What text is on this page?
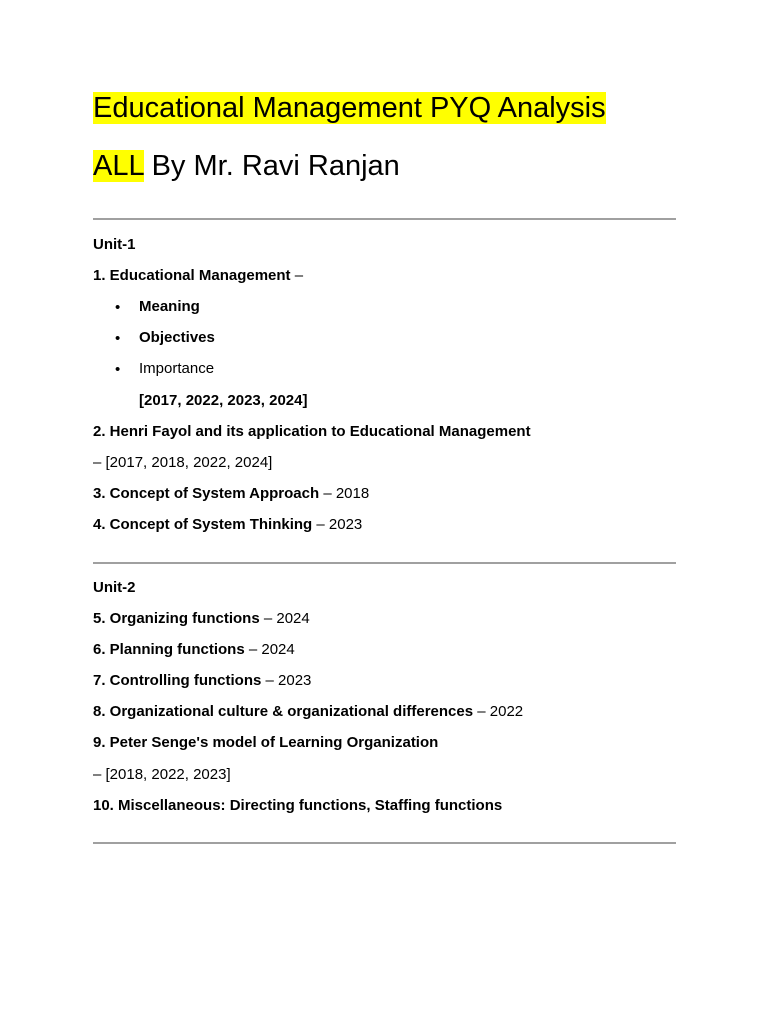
Educational Management PYQ Analysis

ALL By Mr. Ravi Ranjan

Unit-1
1. Educational Management –
• Meaning
• Objectives
• Importance
[2017, 2022, 2023, 2024]
2. Henri Fayol and its application to Educational Management
– [2017, 2018, 2022, 2024]
3. Concept of System Approach – 2018
4. Concept of System Thinking – 2023
Unit-2
5. Organizing functions – 2024
6. Planning functions – 2024
7. Controlling functions – 2023
8. Organizational culture & organizational differences – 2022
9. Peter Senge's model of Learning Organization
– [2018, 2022, 2023]
10. Miscellaneous: Directing functions, Staffing functions
